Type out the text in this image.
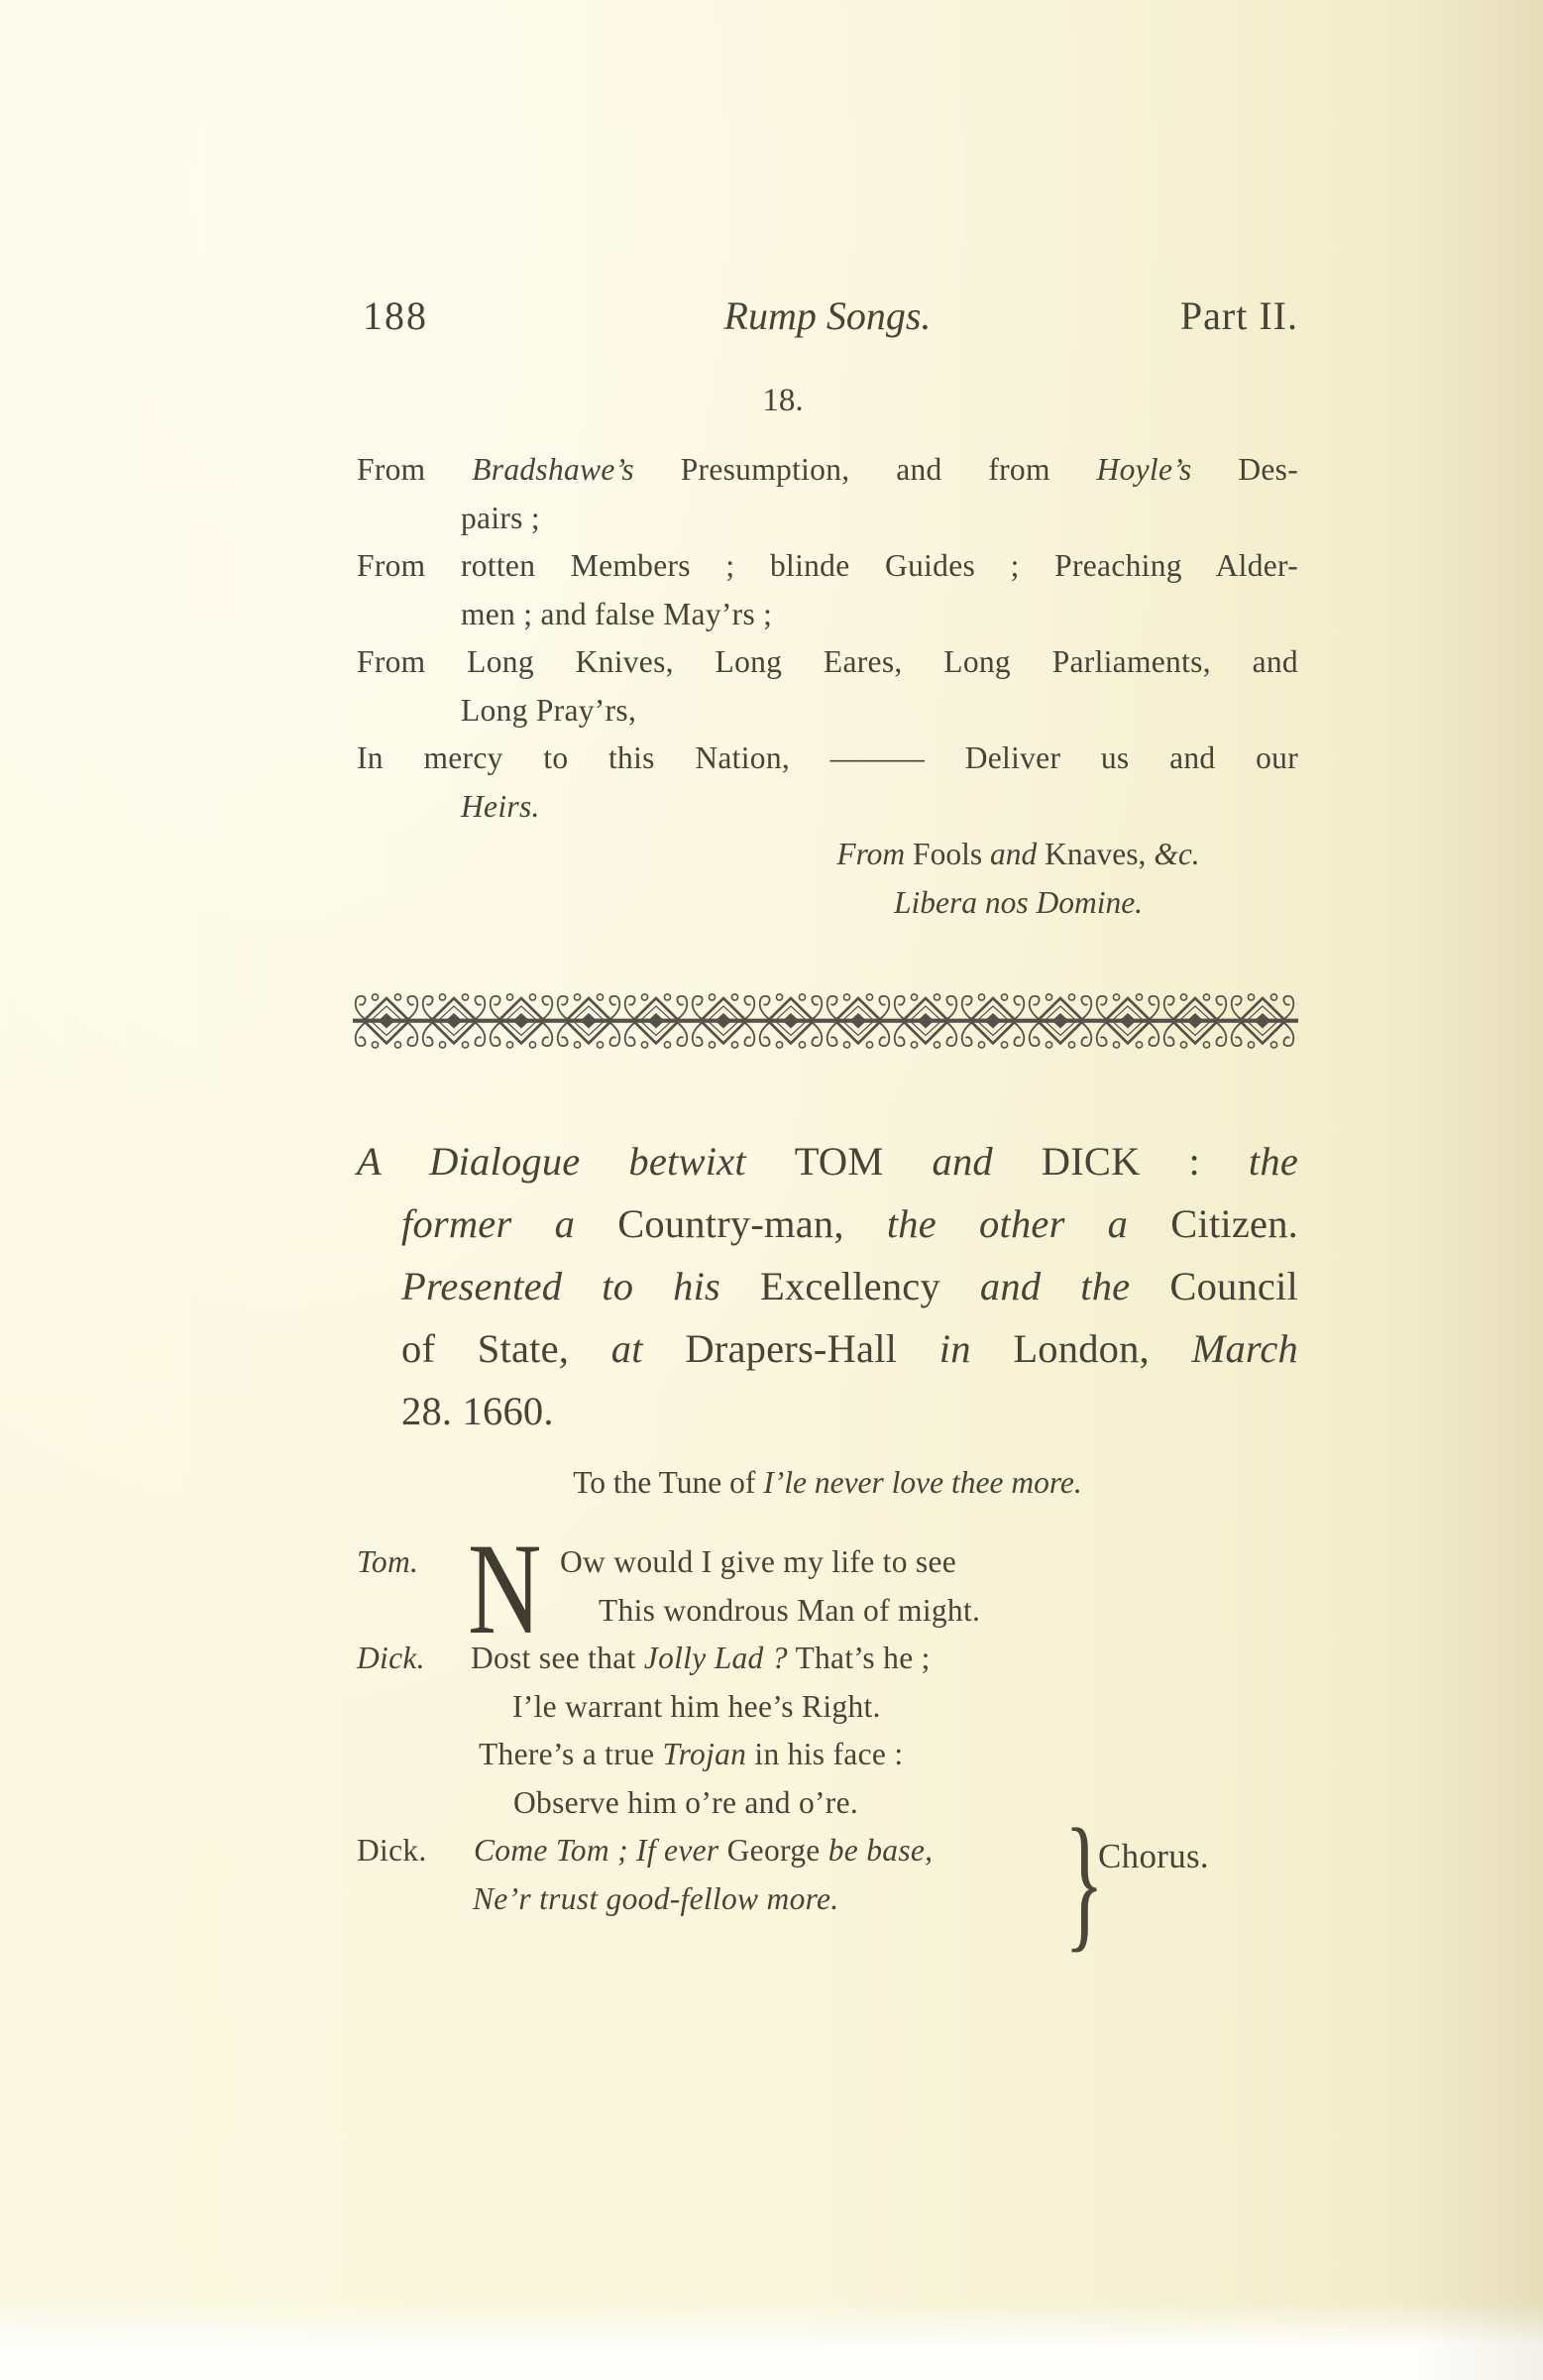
188	Rump Songs.	Part II.
18.

From Bradshawe’s Presumption, and from Hoyle’s Des-

pairs ;

From rotten Members ; blinde Guides ; Preaching Alder-

men ; and false May’rs ;

From Long Knives, Long Eares, Long Parliaments, and

Long Pray’rs,

In mercy to this Nation, ——— Deliver us and our

Heirs.

From Fools and Knaves, &c.

Libera nos Domine.

A Dialogue betwixt TOM and DICK : the

former a Country-man, the other a Citizen.

Presented to his Excellency and the Council

of State, at Drapers-Hall in London, March

28. 1660.

To the Tune of I’le never love thee more.

N
Tom.	Ow would I give my life to see
This wondrous Man of might.
Dick. Dost see that Jolly Lad ? That’s he ;
I’le warrant him hee’s Right.
There’s a true Trojan in his face :
Observe him o’re and o’re.
Dick. Come Tom ; If ever George be base,
Ne’r trust good-fellow more.	}
Chorus.
